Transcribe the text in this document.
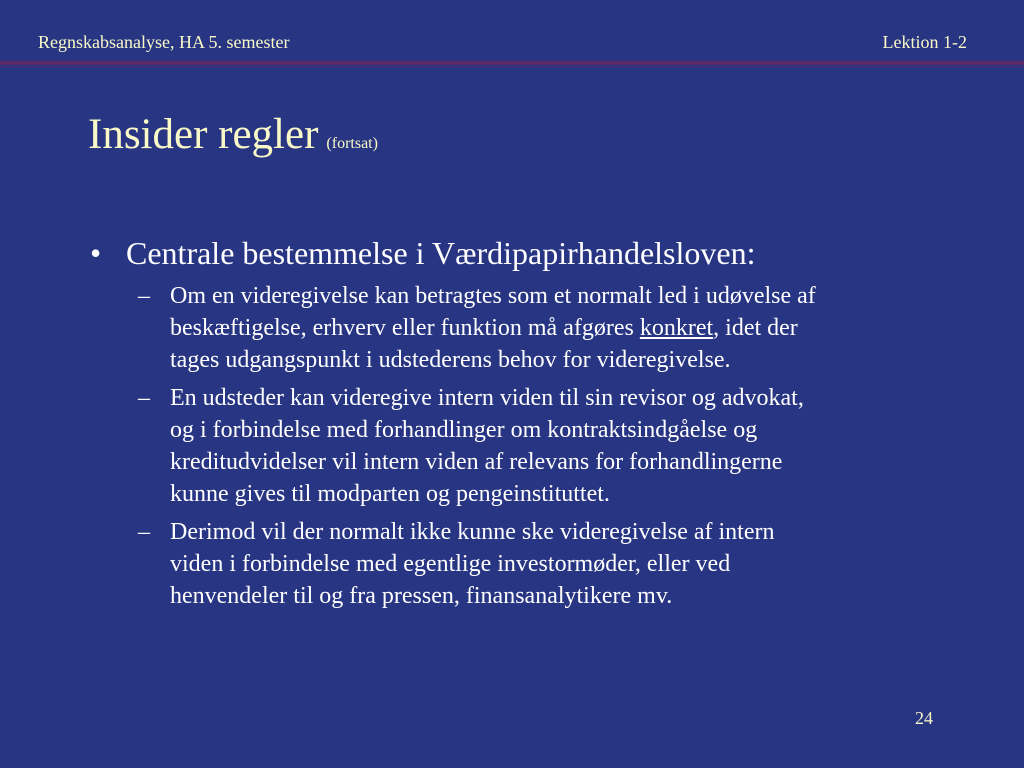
Regnskabsanalyse, HA 5. semester	Lektion 1-2
Insider regler (fortsat)
• Centrale bestemmelse i Værdipapirhandelsloven:
– Om en videregivelse kan betragtes som et normalt led i udøvelse af
beskæftigelse, erhverv eller funktion må afgøres konkret, idet der
tages udgangspunkt i udstederens behov for videregivelse.
– En udsteder kan videregive intern viden til sin revisor og advokat,
og i forbindelse med forhandlinger om kontraktsindgåelse og
kreditudvidelser vil intern viden af relevans for forhandlingerne
kunne gives til modparten og pengeinstituttet.
– Derimod vil der normalt ikke kunne ske videregivelse af intern
viden i forbindelse med egentlige investormøder, eller ved
henvendeler til og fra pressen, finansanalytikere mv.
24
